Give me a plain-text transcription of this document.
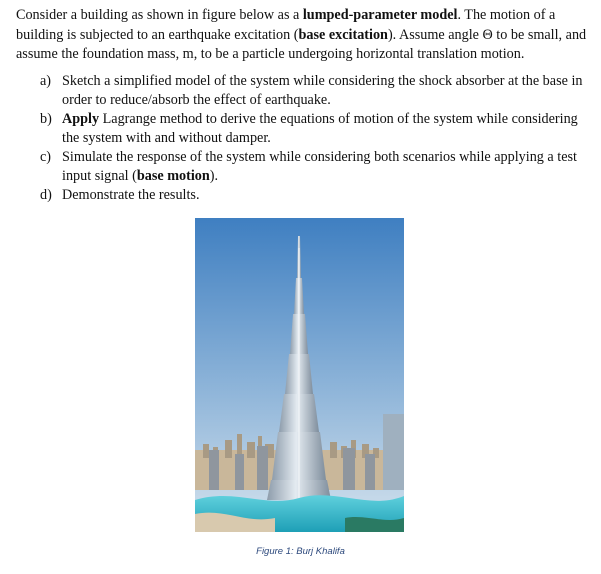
Consider a building as shown in figure below as a lumped-parameter model. The motion of a building is subjected to an earthquake excitation (base excitation). Assume angle Θ to be small, and assume the foundation mass, m, to be a particle undergoing horizontal translation motion.

a) Sketch a simplified model of the system while considering the shock absorber at the base in order to reduce/absorb the effect of earthquake.
b) Apply Lagrange method to derive the equations of motion of the system while considering the system with and without damper.
c) Simulate the response of the system while considering both scenarios while applying a test input signal (base motion).
d) Demonstrate the results.
Figure 1: Burj Khalifa
